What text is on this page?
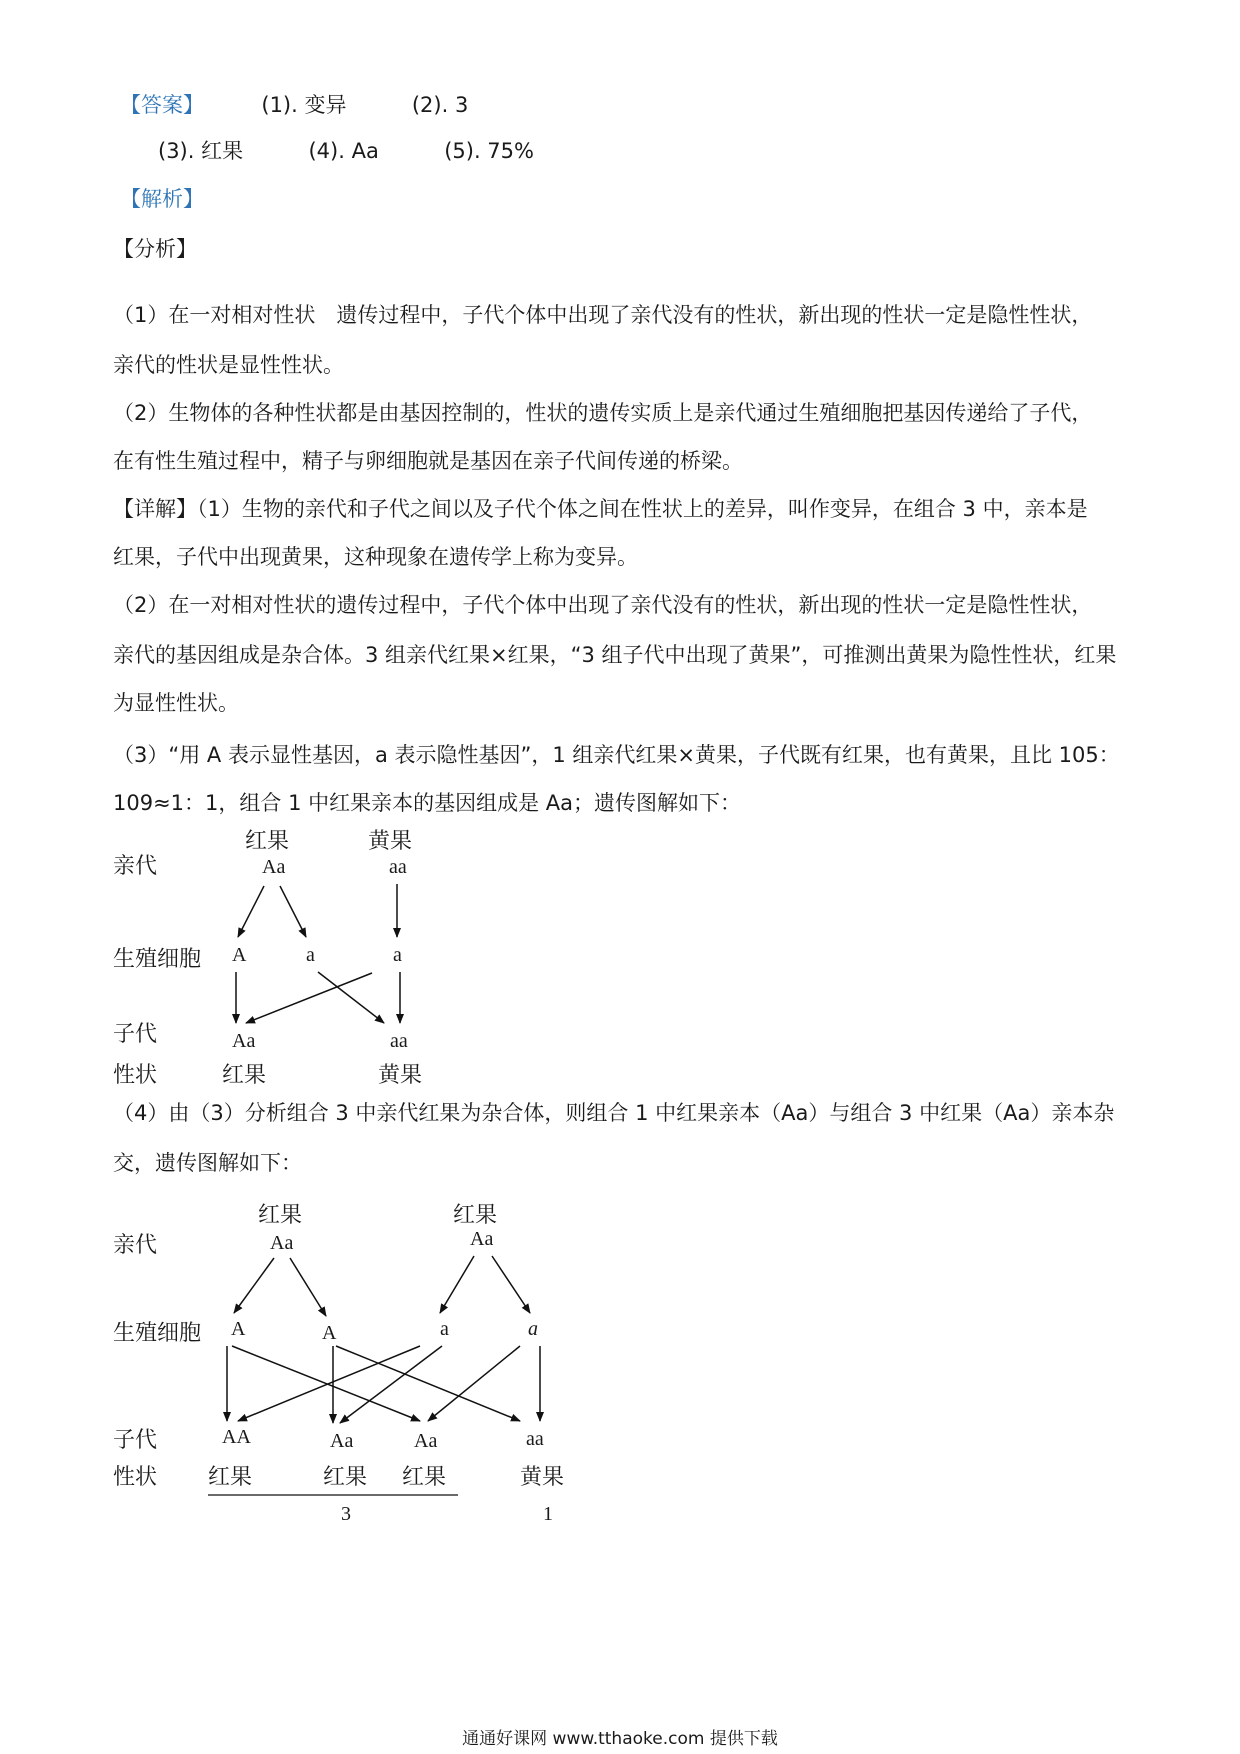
【答案】	(1). 变异	(2). 3
(3). 红果	(4). Aa	(5). 75%
【解析】
【分析】
（1）在一对相对性状　遗传过程中，子代个体中出现了亲代没有的性状，新出现的性状一定是隐性性状，
亲代的性状是显性性状。
（2）生物体的各种性状都是由基因控制的，性状的遗传实质上是亲代通过生殖细胞把基因传递给了子代，
在有性生殖过程中，精子与卵细胞就是基因在亲子代间传递的桥梁。
【详解】（1）生物的亲代和子代之间以及子代个体之间在性状上的差异，叫作变异，在组合 3 中，亲本是
红果，子代中出现黄果，这种现象在遗传学上称为变异。
（2）在一对相对性状的遗传过程中，子代个体中出现了亲代没有的性状，新出现的性状一定是隐性性状，
亲代的基因组成是杂合体。3 组亲代红果×红果，“3 组子代中出现了黄果”，可推测出黄果为隐性性状，红果
为显性性状。
（3）“用 A 表示显性基因，a 表示隐性基因”，1 组亲代红果×黄果，子代既有红果，也有黄果，且比 105：
109≈1：1，组合 1 中红果亲本的基因组成是 Aa；遗传图解如下：
亲代
生殖细胞
子代
性状
红果
Aa
黄果
aa
A	a	a
Aa	aa
红果	黄果
（4）由（3）分析组合 3 中亲代红果为杂合体，则组合 1 中红果亲本（Aa）与组合 3 中红果（Aa）亲本杂
交，遗传图解如下：
亲代
生殖细胞
子代
性状
红果
Aa
红果
Aa
A	A	a	a
AA	Aa	Aa	aa
红果	红果 红果	黄果
3	1
通通好课网 www.tthaoke.com 提供下载
